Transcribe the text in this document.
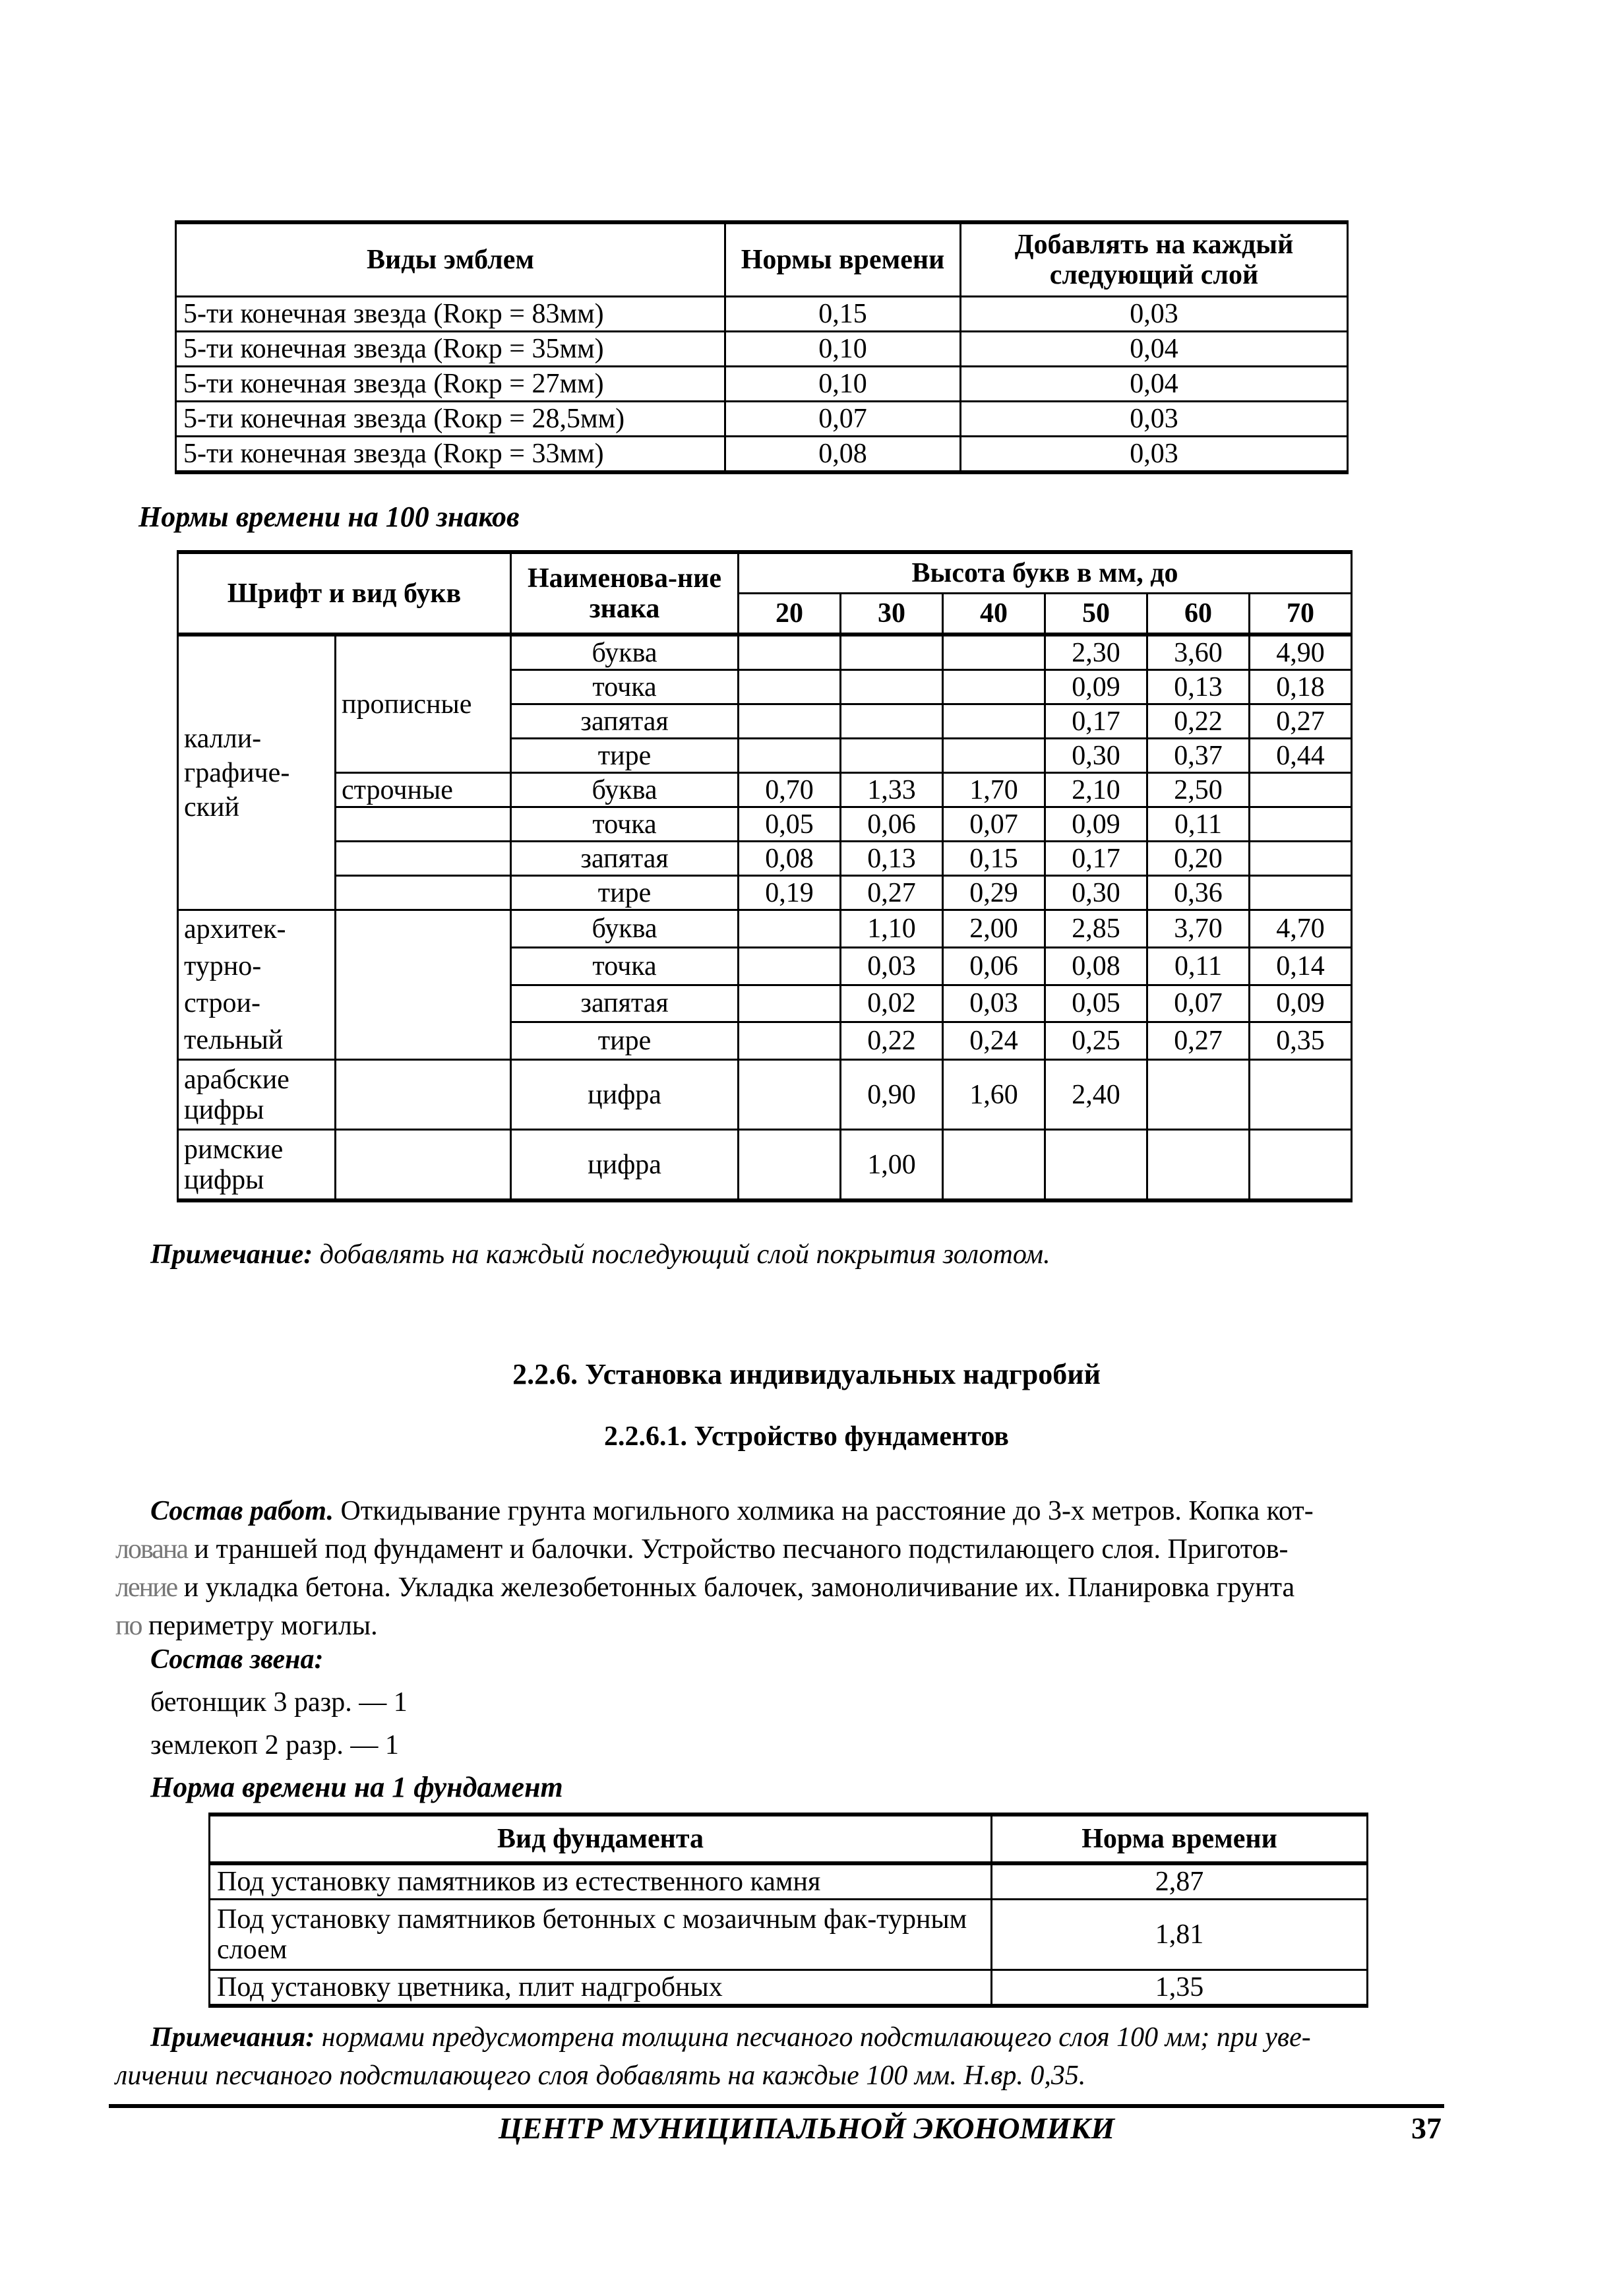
Виды эмблем	Нормы времени	Добавлять на каждый следующий слой
5-ти конечная звезда (Rокр = 83мм)	0,15	0,03
5-ти конечная звезда (Rокр = 35мм)	0,10	0,04
5-ти конечная звезда (Rокр = 27мм)	0,10	0,04
5-ти конечная звезда (Rокр = 28,5мм)	0,07	0,03
5-ти конечная звезда (Rокр = 33мм)	0,08	0,03
Нормы времени на 100 знаков
Шрифт и вид букв		Наименова-ние знака	Высота букв в мм, до					
			20	30	40	50	60	70
калли-графиче-ский	прописные	буква				2,30	3,60	4,90
		точка				0,09	0,13	0,18
		запятая				0,17	0,22	0,27
		тире				0,30	0,37	0,44
	строчные	буква	0,70	1,33	1,70	2,10	2,50	
		точка	0,05	0,06	0,07	0,09	0,11	
		запятая	0,08	0,13	0,15	0,17	0,20	
		тире	0,19	0,27	0,29	0,30	0,36	
архитек-турно-строи-тельный		буква		1,10	2,00	2,85	3,70	4,70
		точка		0,03	0,06	0,08	0,11	0,14
		запятая		0,02	0,03	0,05	0,07	0,09
		тире		0,22	0,24	0,25	0,27	0,35
арабские цифры		цифра		0,90	1,60	2,40		
римские цифры		цифра		1,00				
Примечание: добавлять на каждый последующий слой покрытия золотом.
2.2.6. Установка индивидуальных надгробий
2.2.6.1. Устройство фундаментов
Состав работ. Откидывание грунта могильного холмика на расстояние до 3-х метров. Копка кот-
лована и траншей под фундамент и балочки. Устройство песчаного подстилающего слоя. Приготов-
ление и укладка бетона. Укладка железобетонных балочек, замоноличивание их. Планировка грунта
по периметру могилы.
Состав звена:
бетонщик 3 разр. — 1
землекоп 2 разр. — 1
Норма времени на 1 фундамент
Вид фундамента	Норма времени
Под установку памятников из естественного камня	2,87
Под установку памятников бетонных с мозаичным фак-турным слоем	1,81
Под установку цветника, плит надгробных	1,35
Примечания: нормами предусмотрена толщина песчаного подстилающего слоя 100 мм; при уве-
личении песчаного подстилающего слоя добавлять на каждые 100 мм. Н.вр. 0,35.
ЦЕНТР МУНИЦИПАЛЬНОЙ ЭКОНОМИКИ	37
